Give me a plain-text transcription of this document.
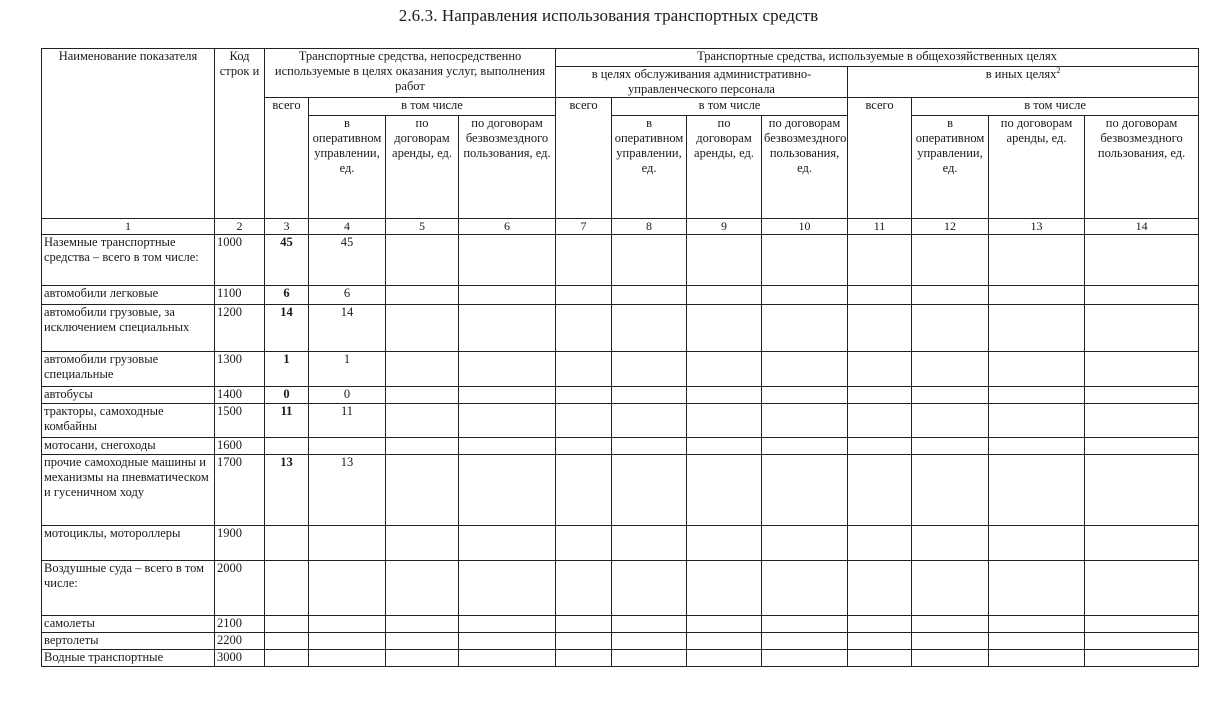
2.6.3. Направления использования транспортных средств
Наименование показателя	Код строк и	Транспортные средства, непосредственно используемые в целях оказания услуг, выполнения работ				Транспортные средства, используемые в общехозяйственных целях							
						в целях обслуживания административно-управленческого персонала				в иных целях$^2$
		всего	в том числе			всего	в том числе			всего	в том числе		
			в оперативном управлении, ед.	по договорам аренды, ед.	по договорам безвозмездного пользования, ед.		в оперативном управлении, ед.	по договорам аренды, ед.	по договорам безвозмездного пользования, ед.		в оперативном управлении, ед.	по договорам аренды, ед.	по договорам безвозмездного пользования, ед.
1	2	3	4	5	6	7	8	9	10	11	12	13	14
Наземные транспортные средства – всего в том числе:	1000	45	45										
автомобили легковые	1100	6	6										
автомобили грузовые, за исключением специальных	1200	14	14										
автомобили грузовые специальные	1300	1	1										
автобусы	1400	0	0										
тракторы, самоходные комбайны	1500	11	11										
мотосани, снегоходы	1600												
прочие самоходные машины и механизмы на пневматическом и гусеничном ходу	1700	13	13										
мотоциклы, мотороллеры	1900												
Воздушные суда – всего в том числе:	2000												
самолеты	2100												
вертолеты	2200												
Водные транспортные	3000												
